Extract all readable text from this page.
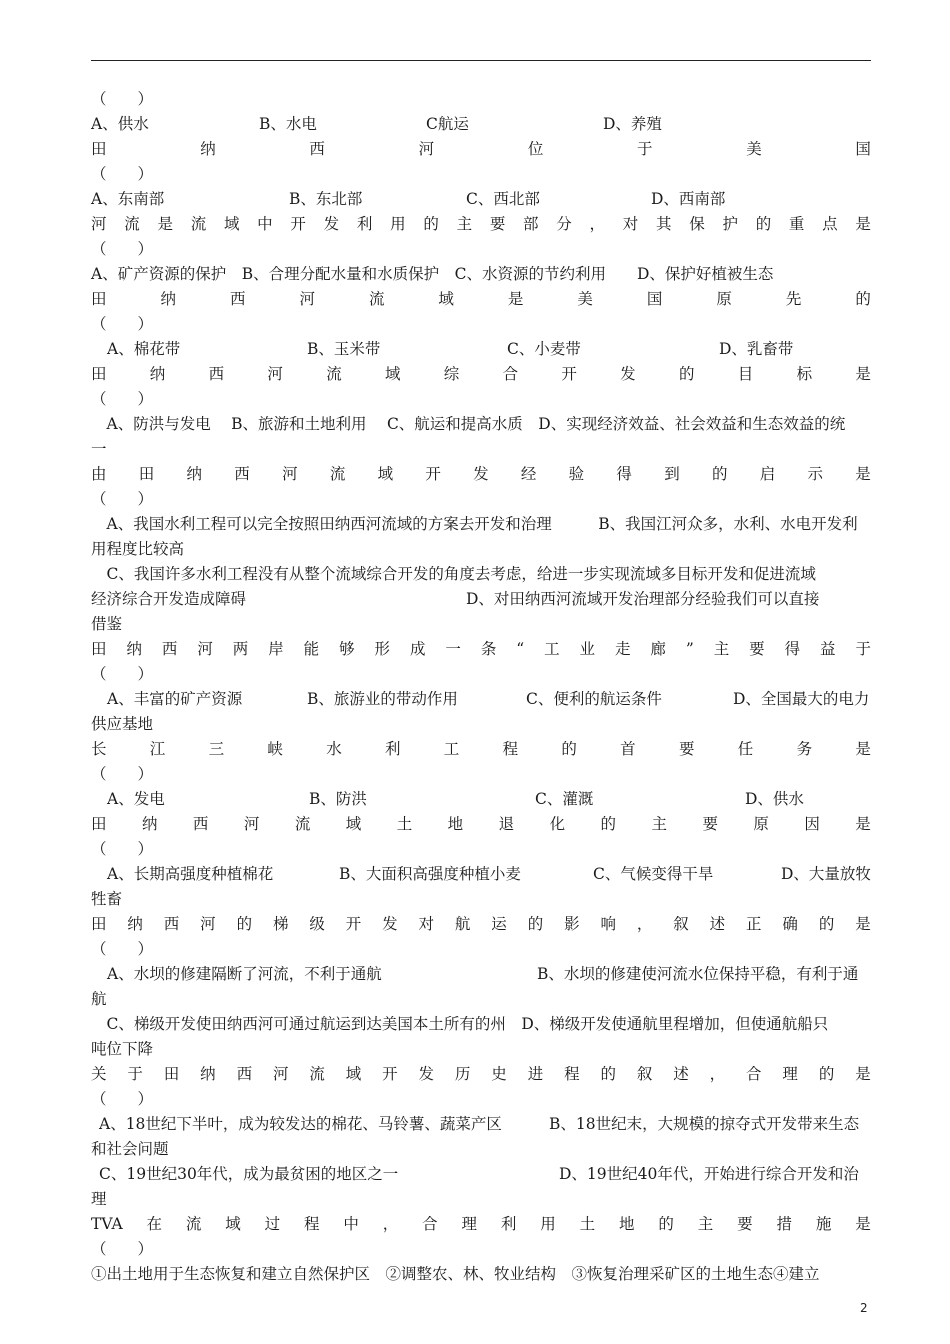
（　　）
A、供水	B、水电	C航运	D、养殖
田	纳	西	河	位	于	美	国
（　　）
A、东南部	B、东北部	C、西北部	D、西南部
河 流 是 流 域 中 开 发 利 用 的 主 要 部 分 ， 对 其 保 护 的 重 点 是
（　　）
A、矿产资源的保护　B、合理分配水量和水质保护　C、水资源的节约利用　　D、保护好植被生态
田	纳	西	河	流	域	是	美	国	原	先	的
（　　）
A、棉花带	B、玉米带	C、小麦带	D、乳畜带
田	纳	西	河	流	域	综	合	开	发	的	目	标	是
（　　）
　A、防洪与发电　 B、旅游和土地利用　 C、航运和提高水质　D、实现经济效益、社会效益和生态效益的统
一
由 田 纳 西 河 流 域 开 发 经 验 得 到 的 启 示 是
（　　）
　A、我国水利工程可以完全按照田纳西河流域的方案去开发和治理　　　B、我国江河众多，水利、水电开发利
用程度比较高
　C、我国许多水利工程没有从整个流域综合开发的角度去考虑，给进一步实现流域多目标开发和促进流域
经济综合开发造成障碍	D、对田纳西河流域开发治理部分经验我们可以直接
借鉴
田 纳 西 河 两 岸 能 够 形 成 一 条 “ 工 业 走 廊 ” 主 要 得 益 于
（　　）
A、丰富的矿产资源	B、旅游业的带动作用	C、便利的航运条件	D、全国最大的电力
供应基地
长	江	三	峡	水	利	工	程	的	首	要	任	务	是
（　　）
A、发电	B、防洪	C、灌溉	D、供水
田 纳 西 河 流 域 土 地 退 化 的 主 要 原 因 是
（　　）
A、长期高强度种植棉花	B、大面积高强度种植小麦	C、气候变得干旱	D、大量放牧
牲畜
田 纳 西 河 的 梯 级 开 发 对 航 运 的 影 响 ， 叙 述 正 确 的 是
（　　）
A、水坝的修建隔断了河流，不利于通航	B、水坝的修建使河流水位保持平稳，有利于通
航
　C、梯级开发使田纳西河可通过航运到达美国本土所有的州　D、梯级开发使通航里程增加，但使通航船只
吨位下降
关 于 田 纳 西 河 流 域 开 发 历 史 进 程 的 叙 述 ， 合 理 的 是
（　　）
A、18世纪下半叶，成为较发达的棉花、马铃薯、蔬菜产区	B、18世纪末，大规模的掠夺式开发带来生态
和社会问题
C、19世纪30年代，成为最贫困的地区之一	D、19世纪40年代，开始进行综合开发和治
理
TVA 在 流 域 过 程 中 ， 合 理 利 用 土 地 的 主 要 措 施 是
（　　）
①出土地用于生态恢复和建立自然保护区　②调整农、林、牧业结构　③恢复治理采矿区的土地生态④建立
2
